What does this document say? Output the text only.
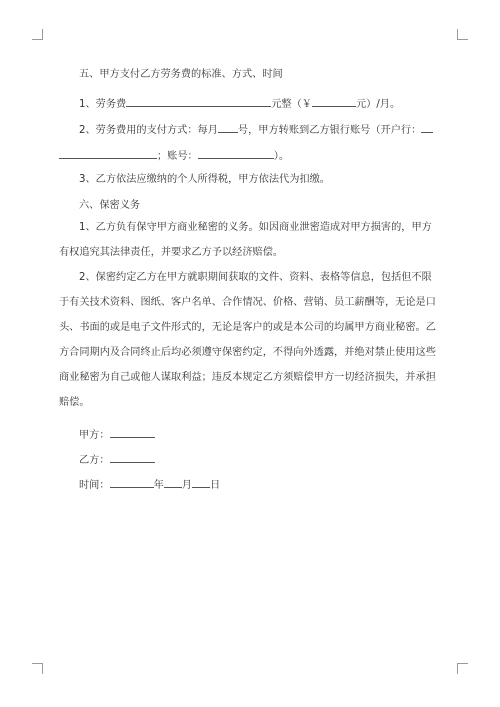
五、甲方支付乙方劳务费的标准、方式、时间
1、劳务费	元整（￥	元）/月。
2、劳务费用的支付方式：每月 号，甲方转账到乙方银行账号（开户行：
；账号：	）。
3、乙方依法应缴纳的个人所得税，甲方依法代为扣缴。
六、保密义务
1、乙方负有保守甲方商业秘密的义务。如因商业泄密造成对甲方损害的，甲方
有权追究其法律责任，并要求乙方予以经济赔偿。
2、保密约定乙方在甲方就职期间获取的文件、资料、表格等信息，包括但不限
于有关技术资料、图纸、客户名单、合作情况、价格、营销、员工薪酬等，无论是口
头、书面的或是电子文件形式的，无论是客户的或是本公司的均属甲方商业秘密。乙
方合同期内及合同终止后均必须遵守保密约定，不得向外透露，并绝对禁止使用这些
商业秘密为自己或他人谋取利益；违反本规定乙方须赔偿甲方一切经济损失，并承担
赔偿。
甲方：
乙方：
时间：	年 月 日
